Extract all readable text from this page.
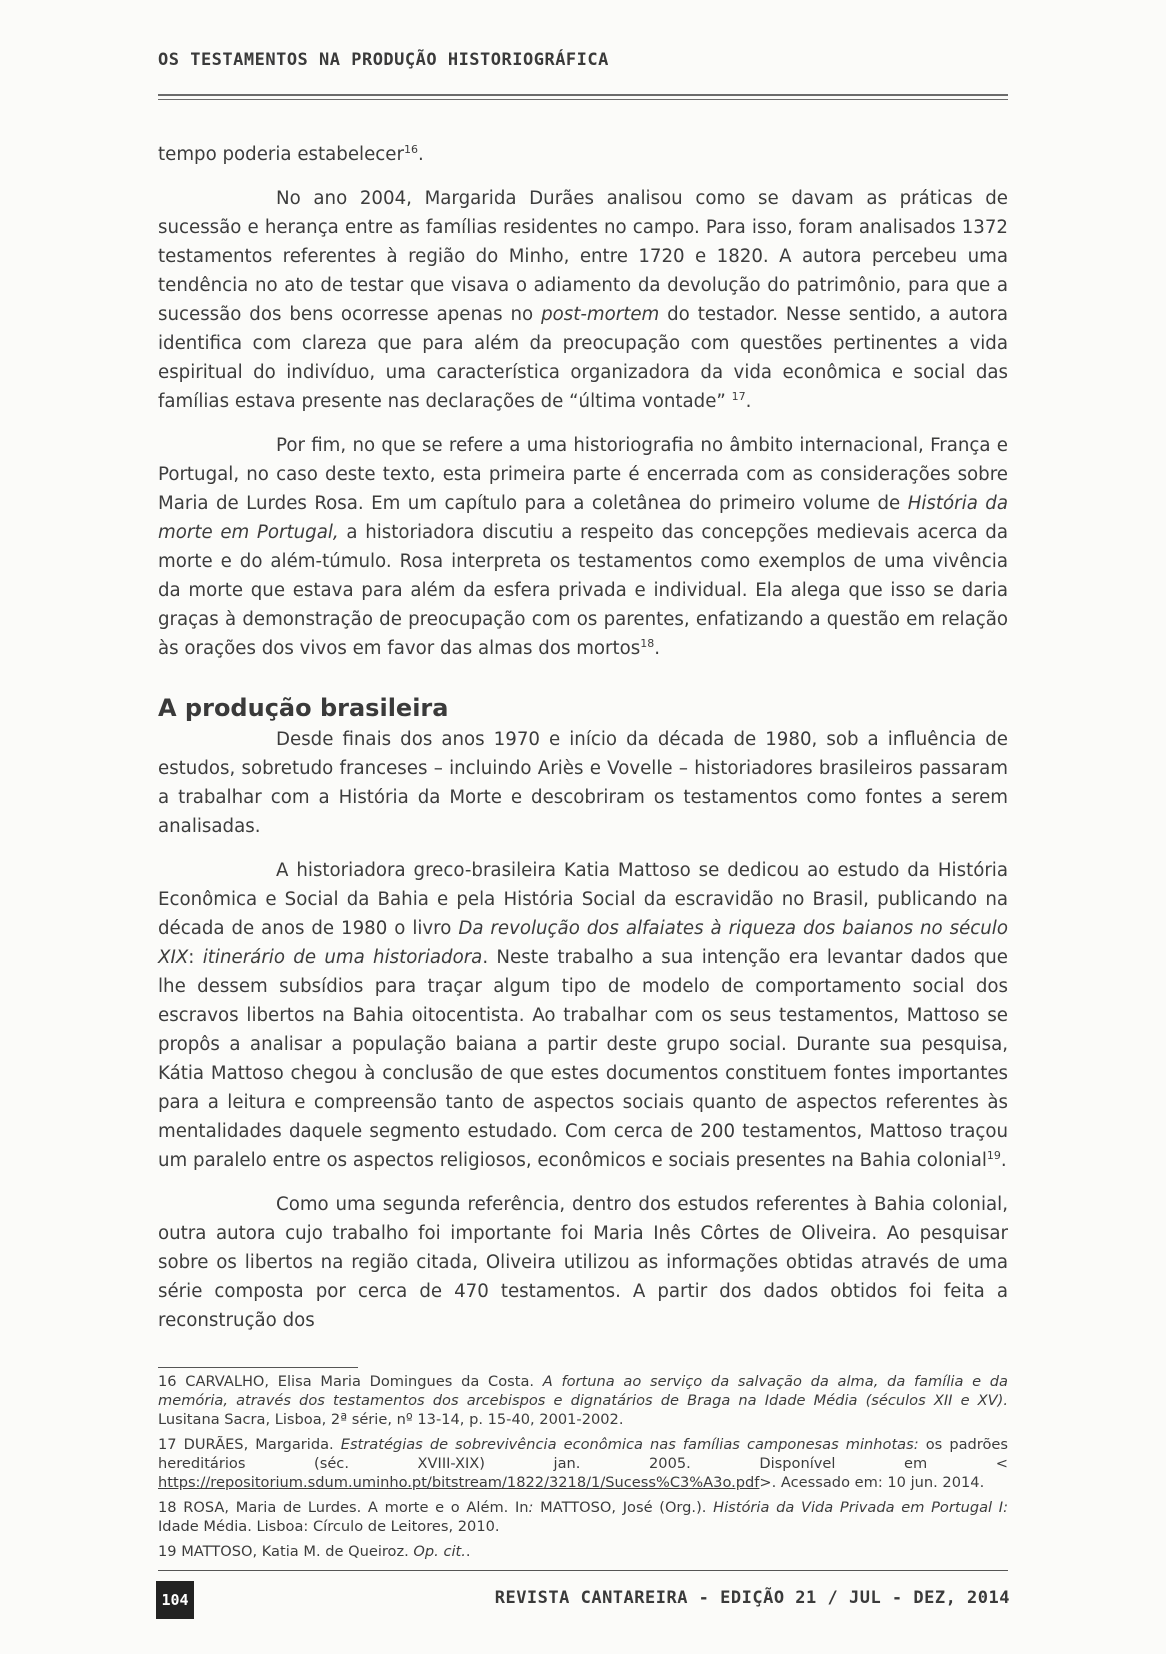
OS TESTAMENTOS NA PRODUÇÃO HISTORIOGRÁFICA

tempo poderia estabelecer$^{16}$.

No ano 2004, Margarida Durães analisou como se davam as práticas de sucessão e herança entre as famílias residentes no campo. Para isso, foram analisados 1372 testamentos referentes à região do Minho, entre 1720 e 1820. A autora percebeu uma tendência no ato de testar que visava o adiamento da devolução do patrimônio, para que a sucessão dos bens ocorresse apenas no post-mortem do testador. Nesse sentido, a autora identifica com clareza que para além da preocupação com questões pertinentes a vida espiritual do indivíduo, uma característica organizadora da vida econômica e social das famílias estava presente nas declarações de “última vontade” $^{17}$.

Por fim, no que se refere a uma historiografia no âmbito internacional, França e Portugal, no caso deste texto, esta primeira parte é encerrada com as considerações sobre Maria de Lurdes Rosa. Em um capítulo para a coletânea do primeiro volume de História da morte em Portugal, a historiadora discutiu a respeito das concepções medievais acerca da morte e do além-túmulo. Rosa interpreta os testamentos como exemplos de uma vivência da morte que estava para além da esfera privada e individual. Ela alega que isso se daria graças à demonstração de preocupação com os parentes, enfatizando a questão em relação às orações dos vivos em favor das almas dos mortos$^{18}$.

A produção brasileira

Desde finais dos anos 1970 e início da década de 1980, sob a influência de estudos, sobretudo franceses – incluindo Ariès e Vovelle – historiadores brasileiros passaram a trabalhar com a História da Morte e descobriram os testamentos como fontes a serem analisadas.

A historiadora greco-brasileira Katia Mattoso se dedicou ao estudo da História Econômica e Social da Bahia e pela História Social da escravidão no Brasil, publicando na década de anos de 1980 o livro Da revolução dos alfaiates à riqueza dos baianos no século XIX: itinerário de uma historiadora. Neste trabalho a sua intenção era levantar dados que lhe dessem subsídios para traçar algum tipo de modelo de comportamento social dos escravos libertos na Bahia oitocentista. Ao trabalhar com os seus testamentos, Mattoso se propôs a analisar a população baiana a partir deste grupo social. Durante sua pesquisa, Kátia Mattoso chegou à conclusão de que estes documentos constituem fontes importantes para a leitura e compreensão tanto de aspectos sociais quanto de aspectos referentes às mentalidades daquele segmento estudado. Com cerca de 200 testamentos, Mattoso traçou um paralelo entre os aspectos religiosos, econômicos e sociais presentes na Bahia colonial$^{19}$.

Como uma segunda referência, dentro dos estudos referentes à Bahia colonial, outra autora cujo trabalho foi importante foi Maria Inês Côrtes de Oliveira. Ao pesquisar sobre os libertos na região citada, Oliveira utilizou as informações obtidas através de uma série composta por cerca de 470 testamentos. A partir dos dados obtidos foi feita a reconstrução dos

16 CARVALHO, Elisa Maria Domingues da Costa. A fortuna ao serviço da salvação da alma, da família e da memória, através dos testamentos dos arcebispos e dignatários de Braga na Idade Média (séculos XII e XV). Lusitana Sacra, Lisboa, 2ª série, nº 13-14, p. 15-40, 2001-2002.

17 DURÃES, Margarida. Estratégias de sobrevivência econômica nas famílias camponesas minhotas: os padrões hereditários (séc. XVIII-XIX) jan. 2005. Disponível em < https://repositorium.sdum.uminho.pt/bitstream/1822/3218/1/Sucess%C3%A3o.pdf>. Acessado em: 10 jun. 2014.

18 ROSA, Maria de Lurdes. A morte e o Além. In: MATTOSO, José (Org.). História da Vida Privada em Portugal I: Idade Média. Lisboa: Círculo de Leitores, 2010.

19 MATTOSO, Katia M. de Queiroz. Op. cit..

104	REVISTA CANTAREIRA - EDIÇÃO 21 / JUL - DEZ, 2014
